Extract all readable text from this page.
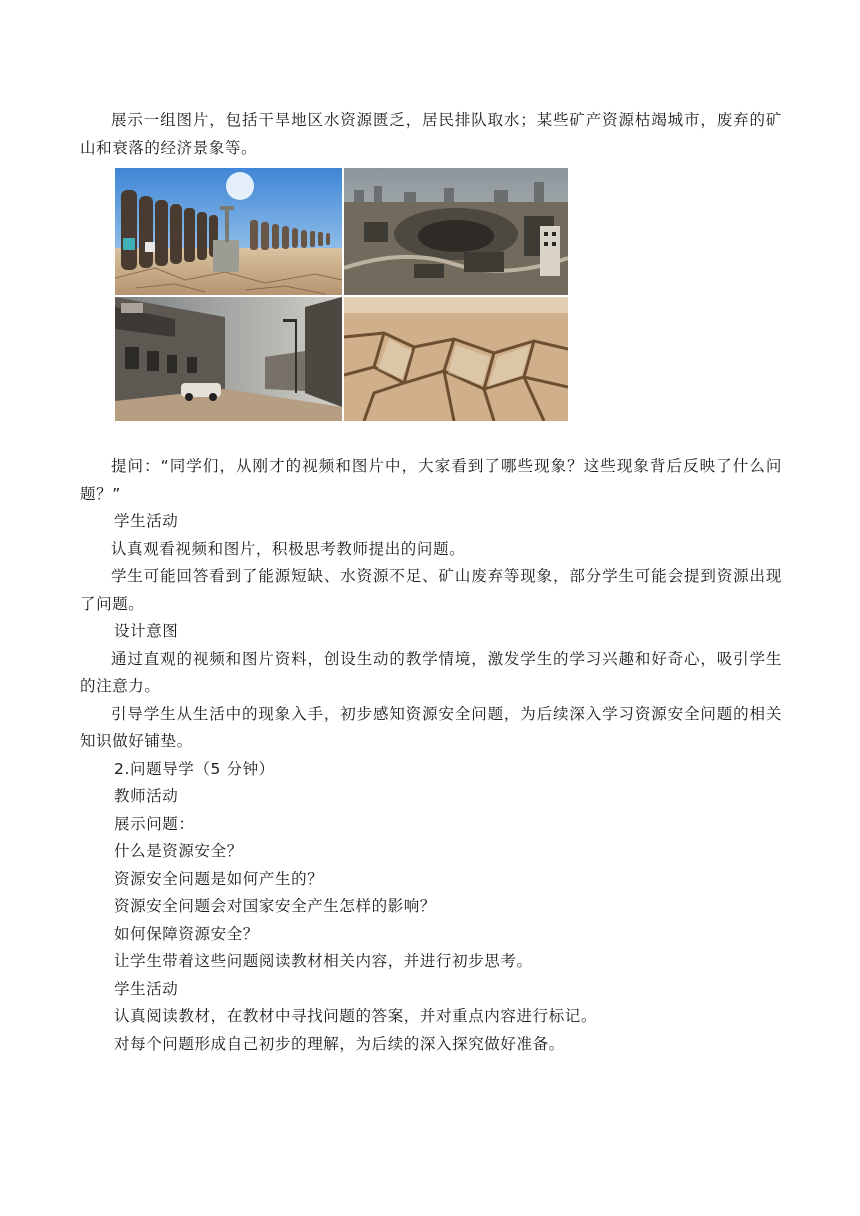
展示一组图片，包括干旱地区水资源匮乏，居民排队取水；某些矿产资源枯竭城市，废弃的矿山和衰落的经济景象等。

提问：“同学们，从刚才的视频和图片中，大家看到了哪些现象？这些现象背后反映了什么问题？”

学生活动

认真观看视频和图片，积极思考教师提出的问题。

学生可能回答看到了能源短缺、水资源不足、矿山废弃等现象，部分学生可能会提到资源出现了问题。

设计意图

通过直观的视频和图片资料，创设生动的教学情境，激发学生的学习兴趣和好奇心，吸引学生的注意力。

引导学生从生活中的现象入手，初步感知资源安全问题，为后续深入学习资源安全问题的相关知识做好铺垫。

2.问题导学（5 分钟）

教师活动

展示问题：

什么是资源安全？

资源安全问题是如何产生的？

资源安全问题会对国家安全产生怎样的影响？

如何保障资源安全？

让学生带着这些问题阅读教材相关内容，并进行初步思考。

学生活动

认真阅读教材，在教材中寻找问题的答案，并对重点内容进行标记。

对每个问题形成自己初步的理解，为后续的深入探究做好准备。
